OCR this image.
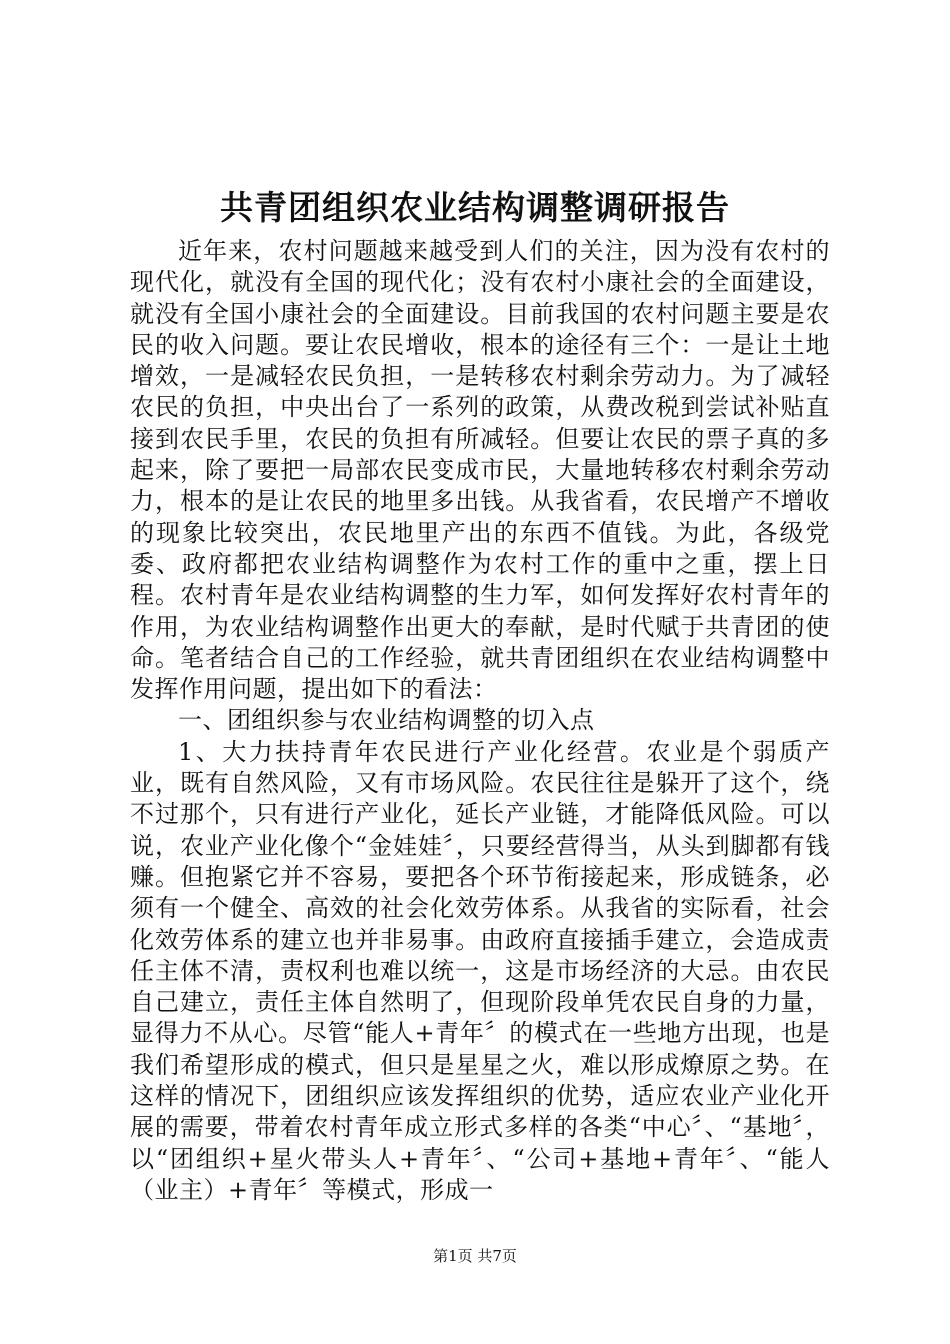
共青团组织农业结构调整调研报告

近年来，农村问题越来越受到人们的关注，因为没有农村的现代化，就没有全国的现代化；没有农村小康社会的全面建设，就没有全国小康社会的全面建设。目前我国的农村问题主要是农民的收入问题。要让农民增收，根本的途径有三个：一是让土地增效，一是减轻农民负担，一是转移农村剩余劳动力。为了减轻农民的负担，中央出台了一系列的政策，从费改税到尝试补贴直接到农民手里，农民的负担有所减轻。但要让农民的票子真的多起来，除了要把一局部农民变成市民，大量地转移农村剩余劳动力，根本的是让农民的地里多出钱。从我省看，农民增产不增收的现象比较突出，农民地里产出的东西不值钱。为此，各级党委、政府都把农业结构调整作为农村工作的重中之重，摆上日程。农村青年是农业结构调整的生力军，如何发挥好农村青年的作用，为农业结构调整作出更大的奉献，是时代赋于共青团的使命。笔者结合自己的工作经验，就共青团组织在农业结构调整中发挥作用问题，提出如下的看法：

一、团组织参与农业结构调整的切入点

1、大力扶持青年农民进行产业化经营。农业是个弱质产业，既有自然风险，又有市场风险。农民往往是躲开了这个，绕不过那个，只有进行产业化，延长产业链，才能降低风险。可以说，农业产业化像个“金娃娃〞，只要经营得当，从头到脚都有钱赚。但抱紧它并不容易，要把各个环节衔接起来，形成链条，必须有一个健全、高效的社会化效劳体系。从我省的实际看，社会化效劳体系的建立也并非易事。由政府直接插手建立，会造成责任主体不清，责权利也难以统一，这是市场经济的大忌。由农民自己建立，责任主体自然明了，但现阶段单凭农民自身的力量，显得力不从心。尽管“能人+青年〞的模式在一些地方出现，也是我们希望形成的模式，但只是星星之火，难以形成燎原之势。在这样的情况下，团组织应该发挥组织的优势，适应农业产业化开展的需要，带着农村青年成立形式多样的各类“中心〞、“基地〞，以“团组织+星火带头人+青年〞、“公司+基地+青年〞、“能人（业主）+青年〞等模式，形成一

第1页 共7页
